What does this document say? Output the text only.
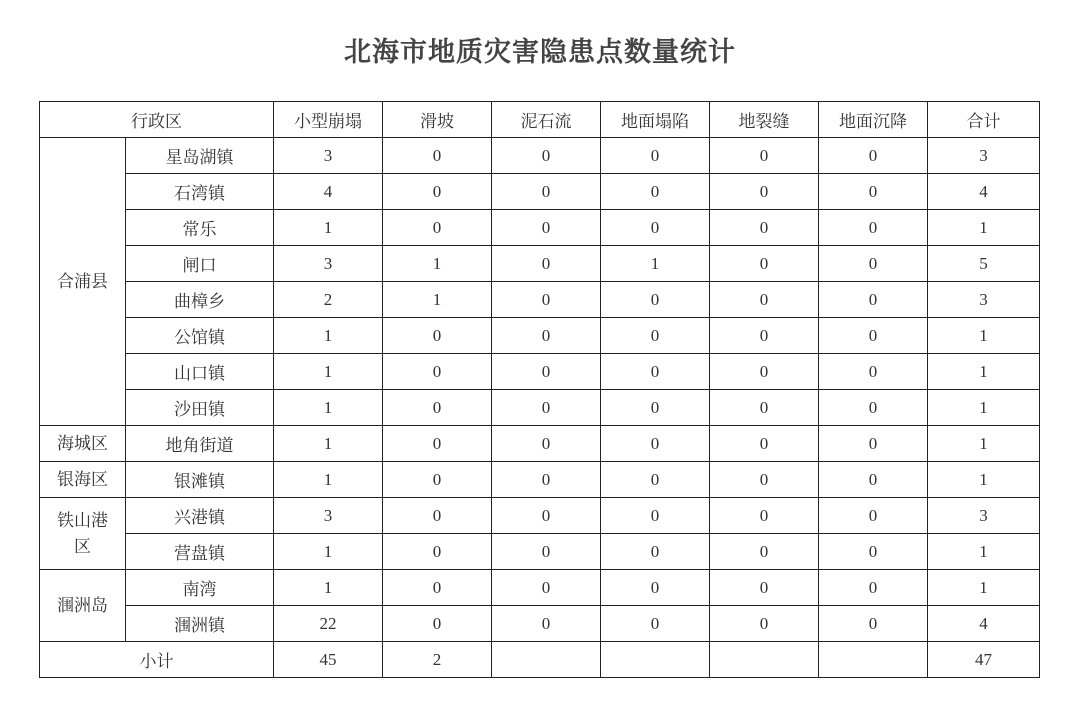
北海市地质灾害隐患点数量统计
行政区		小型崩塌	滑坡	泥石流	地面塌陷	地裂缝	地面沉降	合计
合浦县	星岛湖镇	3	0	0	0	0	0	3
	石湾镇	4	0	0	0	0	0	4
	常乐	1	0	0	0	0	0	1
	闸口	3	1	0	1	0	0	5
	曲樟乡	2	1	0	0	0	0	3
	公馆镇	1	0	0	0	0	0	1
	山口镇	1	0	0	0	0	0	1
	沙田镇	1	0	0	0	0	0	1
海城区	地角街道	1	0	0	0	0	0	1
银海区	银滩镇	1	0	0	0	0	0	1
铁山港区	兴港镇	3	0	0	0	0	0	3
	营盘镇	1	0	0	0	0	0	1
涠洲岛	南湾	1	0	0	0	0	0	1
	涠洲镇	22	0	0	0	0	0	4
小计		45	2					47
